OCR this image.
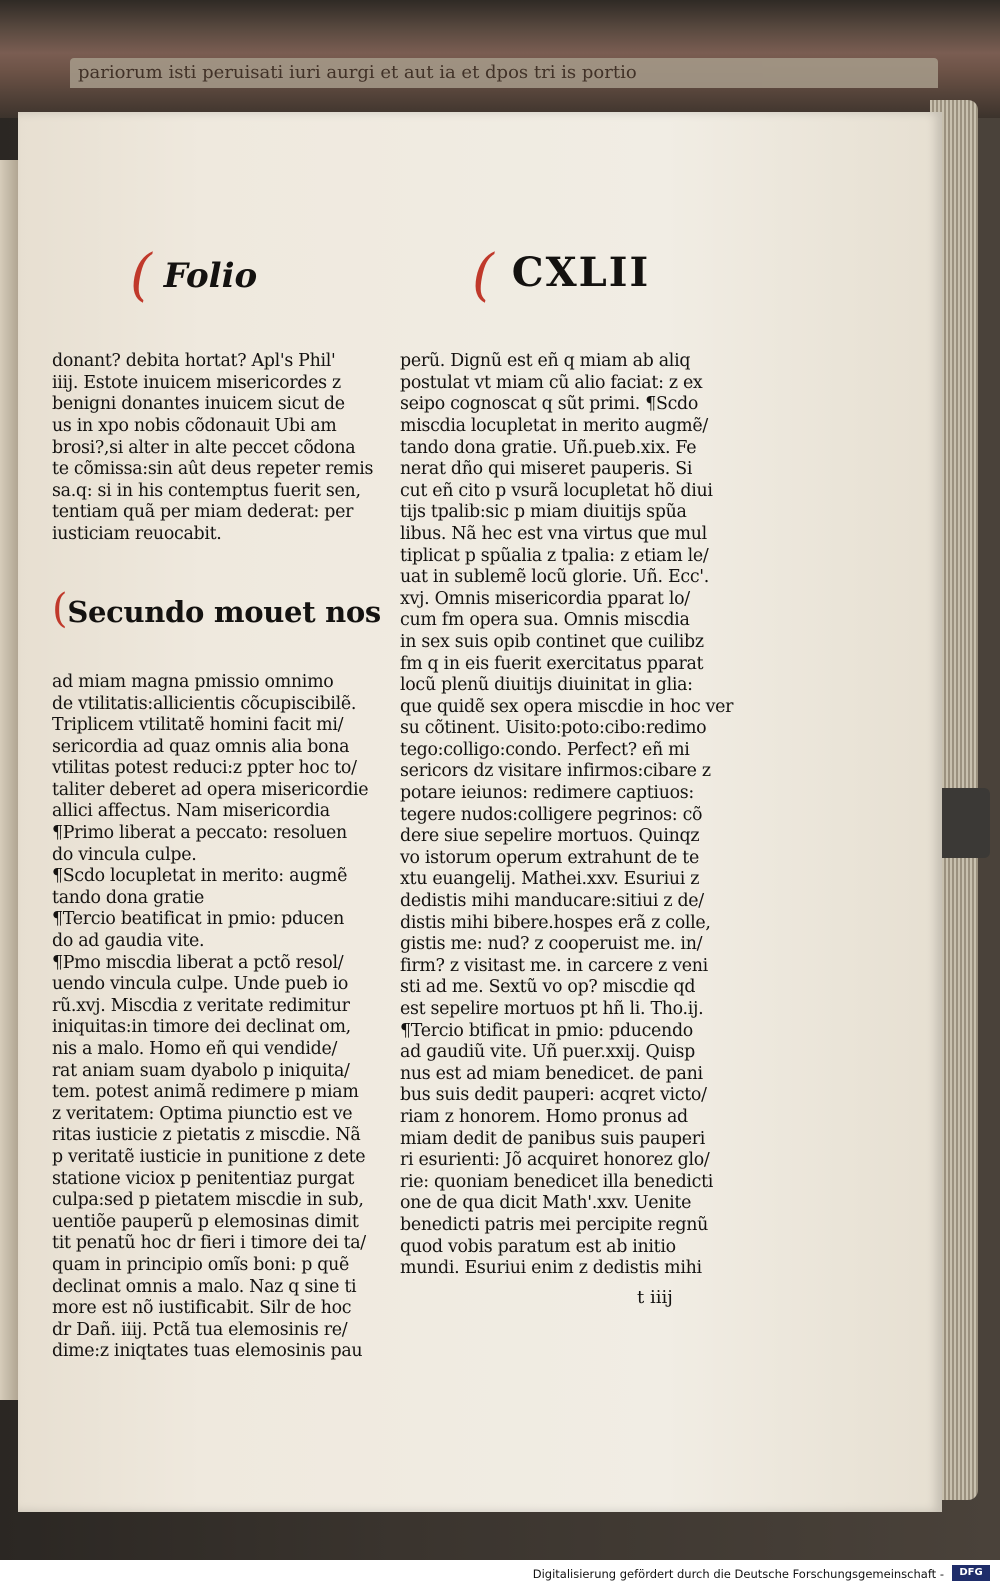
pariorum isti peruisati iuri aurgi et aut ia et dpos tri is portio
( Folio	( CXLII

donant? debita hortat? Apl's Phil'
iiij. Estote inuicem misericordes z
benigni donantes inuicem sicut de
us in xpo nobis cõdonauit Ubi am
brosi?,si alter in alte peccet cõdona
te cõmissa:sin aût deus repeter remis
sa.q: si in his contemptus fuerit sen,
tentiam quã per miam dederat: per
iusticiam reuocabit.

(Secundo mouet nos

ad miam magna pmissio omnimo
de vtilitatis:allicientis cõcupiscibilẽ.
Triplicem vtilitatẽ homini facit mi/
sericordia ad quaz omnis alia bona
vtilitas potest reduci:z ppter hoc to/
taliter deberet ad opera misericordie
allici affectus. Nam misericordia
¶Primo liberat a peccato: resoluen
do vincula culpe.
¶Scdo locupletat in merito: augmẽ
tando dona gratie
¶Tercio beatificat in pmio: pducen
do ad gaudia vite.
¶Pmo miscdia liberat a pctõ resol/
uendo vincula culpe. Unde pueb io
rũ.xvj. Miscdia z veritate redimitur
iniquitas:in timore dei declinat om,
nis a malo. Homo eñ qui vendide/
rat aniam suam dyabolo p iniquita/
tem. potest animã redimere p miam
z veritatem: Optima piunctio est ve
ritas iusticie z pietatis z miscdie. Nã
p veritatẽ iusticie in punitione z dete
statione viciox p penitentiaz purgat
culpa:sed p pietatem miscdie in sub,
uentiõe pauperũ p elemosinas dimit
tit penatũ hoc dr fieri i timore dei ta/
quam in principio omĩs boni: p quẽ
declinat omnis a malo. Naz q sine ti
more est nõ iustificabit. Silr de hoc
dr Dañ. iiij. Pctã tua elemosinis re/
dime:z iniqtates tuas elemosinis pau

perũ. Dignũ est eñ q miam ab aliq
postulat vt miam cũ alio faciat: z ex
seipo cognoscat q sũt primi. ¶Scdo
miscdia locupletat in merito augmẽ/
tando dona gratie. Uñ.pueb.xix. Fe
nerat dño qui miseret pauperis. Si
cut eñ cito p vsurã locupletat hõ diui
tijs tpalib:sic p miam diuitijs spũa
libus. Nã hec est vna virtus que mul
tiplicat p spũalia z tpalia: z etiam le/
uat in sublemẽ locũ glorie. Uñ. Ecc'.
xvj. Omnis misericordia pparat lo/
cum fm opera sua. Omnis miscdia
in sex suis opib continet que cuilibz
fm q in eis fuerit exercitatus pparat
locũ plenũ diuitijs diuinitat in glia:
que quidẽ sex opera miscdie in hoc ver
su cõtinent. Uisito:poto:cibo:redimo
tego:colligo:condo. Perfect? eñ mi
sericors dz visitare infirmos:cibare z
potare ieiunos: redimere captiuos:
tegere nudos:colligere pegrinos: cõ
dere siue sepelire mortuos. Quinqz
vo istorum operum extrahunt de te
xtu euangelij. Mathei.xxv. Esuriui z
dedistis mihi manducare:sitiui z de/
distis mihi bibere.hospes erã z colle,
gistis me: nud? z cooperuist me. in/
firm? z visitast me. in carcere z veni
sti ad me. Sextũ vo op? miscdie qd
est sepelire mortuos pt hñ li. Tho.ij.
¶Tercio btificat in pmio: pducendo
ad gaudiũ vite. Uñ puer.xxij. Quisp
nus est ad miam benedicet. de pani
bus suis dedit pauperi: acqret victo/
riam z honorem. Homo pronus ad
miam dedit de panibus suis pauperi
ri esurienti: Jõ acquiret honorez glo/
rie: quoniam benedicet illa benedicti
one de qua dicit Math'.xxv. Uenite
benedicti patris mei percipite regnũ
quod vobis paratum est ab initio
mundi. Esuriui enim z dedistis mihi

t iiij
Digitalisierung gefördert durch die Deutsche Forschungsgemeinschaft -	DFG
